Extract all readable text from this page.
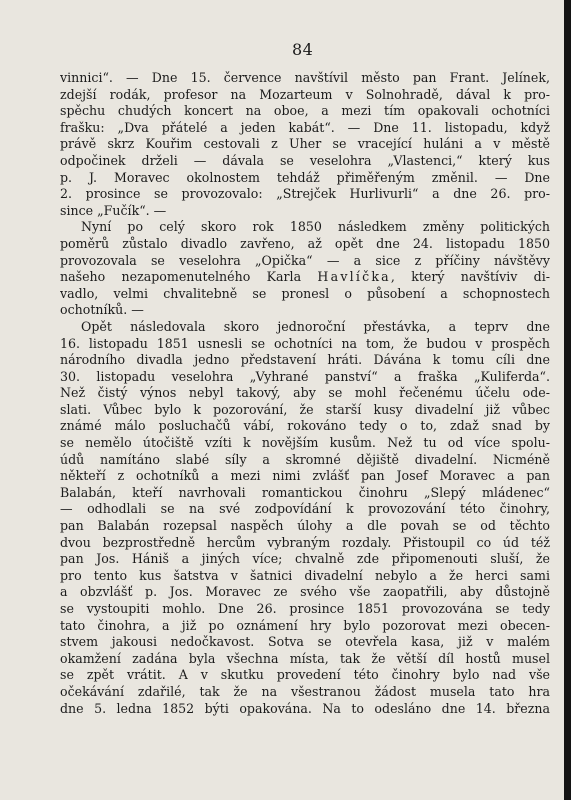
84
vinnici“. — Dne 15. července navštívil město pan Frant. Jelínek,
zdejší rodák, profesor na Mozarteum v Solnohradě, dával k pro-
spěchu chudých koncert na oboe, a mezi tím opakovali ochotníci
frašku: „Dva přátelé a jeden kabát“. — Dne 11. listopadu, když
právě skrz Kouřim cestovali z Uher se vracející huláni a v městě
odpočinek drželi — dávala se veselohra „Vlastenci,“ který kus
p. J. Moravec okolnostem tehdáž přiměřeným změnil. — Dne
2. prosince se provozovalo: „Strejček Hurlivurli“ a dne 26. pro-
since „Fučík“. —
Nyní po celý skoro rok 1850 následkem změny politických
poměrů zůstalo divadlo zavřeno, až opět dne 24. listopadu 1850
provozovala se veselohra „Opička“ — a sice z příčiny návštěvy
našeho nezapomenutelného Karla Havlíčka, který navštíviv di-
vadlo, velmi chvalitebně se pronesl o působení a schopnostech
ochotníků. —
Opět následovala skoro jednoroční přestávka, a teprv dne
16. listopadu 1851 usnesli se ochotníci na tom, že budou v prospěch
národního divadla jedno představení hráti. Dávána k tomu cíli dne
30. listopadu veselohra „Vyhrané panství“ a fraška „Kuliferda“.
Než čistý výnos nebyl takový, aby se mohl řečenému účelu ode-
slati. Vůbec bylo k pozorování, že starší kusy divadelní již vůbec
známé málo posluchačů vábí, rokováno tedy o to, zdaž snad by
se nemělo útočiště vzíti k novějším kusům. Než tu od více spolu-
údů namítáno slabé síly a skromné dějiště divadelní. Nicméně
někteří z ochotníků a mezi nimi zvlášť pan Josef Moravec a pan
Balabán, kteří navrhovali romantickou činohru „Slepý mládenec“
— odhodlali se na své zodpovídání k provozování této činohry,
pan Balabán rozepsal naspěch úlohy a dle povah se od těchto
dvou bezprostředně hercům vybraným rozdaly. Přistoupil co úd též
pan Jos. Hániš a jiných více; chvalně zde připomenouti sluší, že
pro tento kus šatstva v šatnici divadelní nebylo a že herci sami
a obzvlášť p. Jos. Moravec ze svého vše zaopatřili, aby důstojně
se vystoupiti mohlo. Dne 26. prosince 1851 provozována se tedy
tato činohra, a již po oznámení hry bylo pozorovat mezi obecen-
stvem jakousi nedočkavost. Sotva se otevřela kasa, již v malém
okamžení zadána byla všechna místa, tak že větší díl hostů musel
se zpět vrátit. A v skutku provedení této činohry bylo nad vše
očekávání zdařilé, tak že na všestranou žádost musela tato hra
dne 5. ledna 1852 býti opakována. Na to odesláno dne 14. března
